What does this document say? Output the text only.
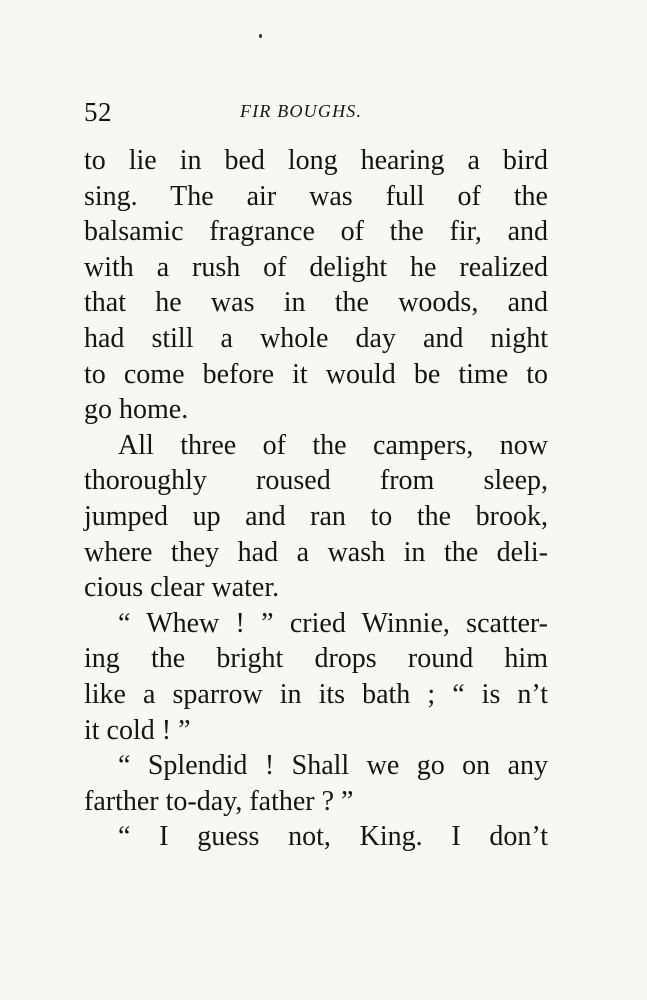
52	FIR BOUGHS.
to lie in bed long hearing a bird
sing. The air was full of the
balsamic fragrance of the fir, and
with a rush of delight he realized
that he was in the woods, and
had still a whole day and night
to come before it would be time to
go home.
All three of the campers, now
thoroughly roused from sleep,
jumped up and ran to the brook,
where they had a wash in the deli-
cious clear water.
“ Whew ! ” cried Winnie, scatter-
ing the bright drops round him
like a sparrow in its bath ; “ is n’t
it cold ! ”
“ Splendid ! Shall we go on any
farther to-day, father ? ”
“ I guess not, King. I don’t
